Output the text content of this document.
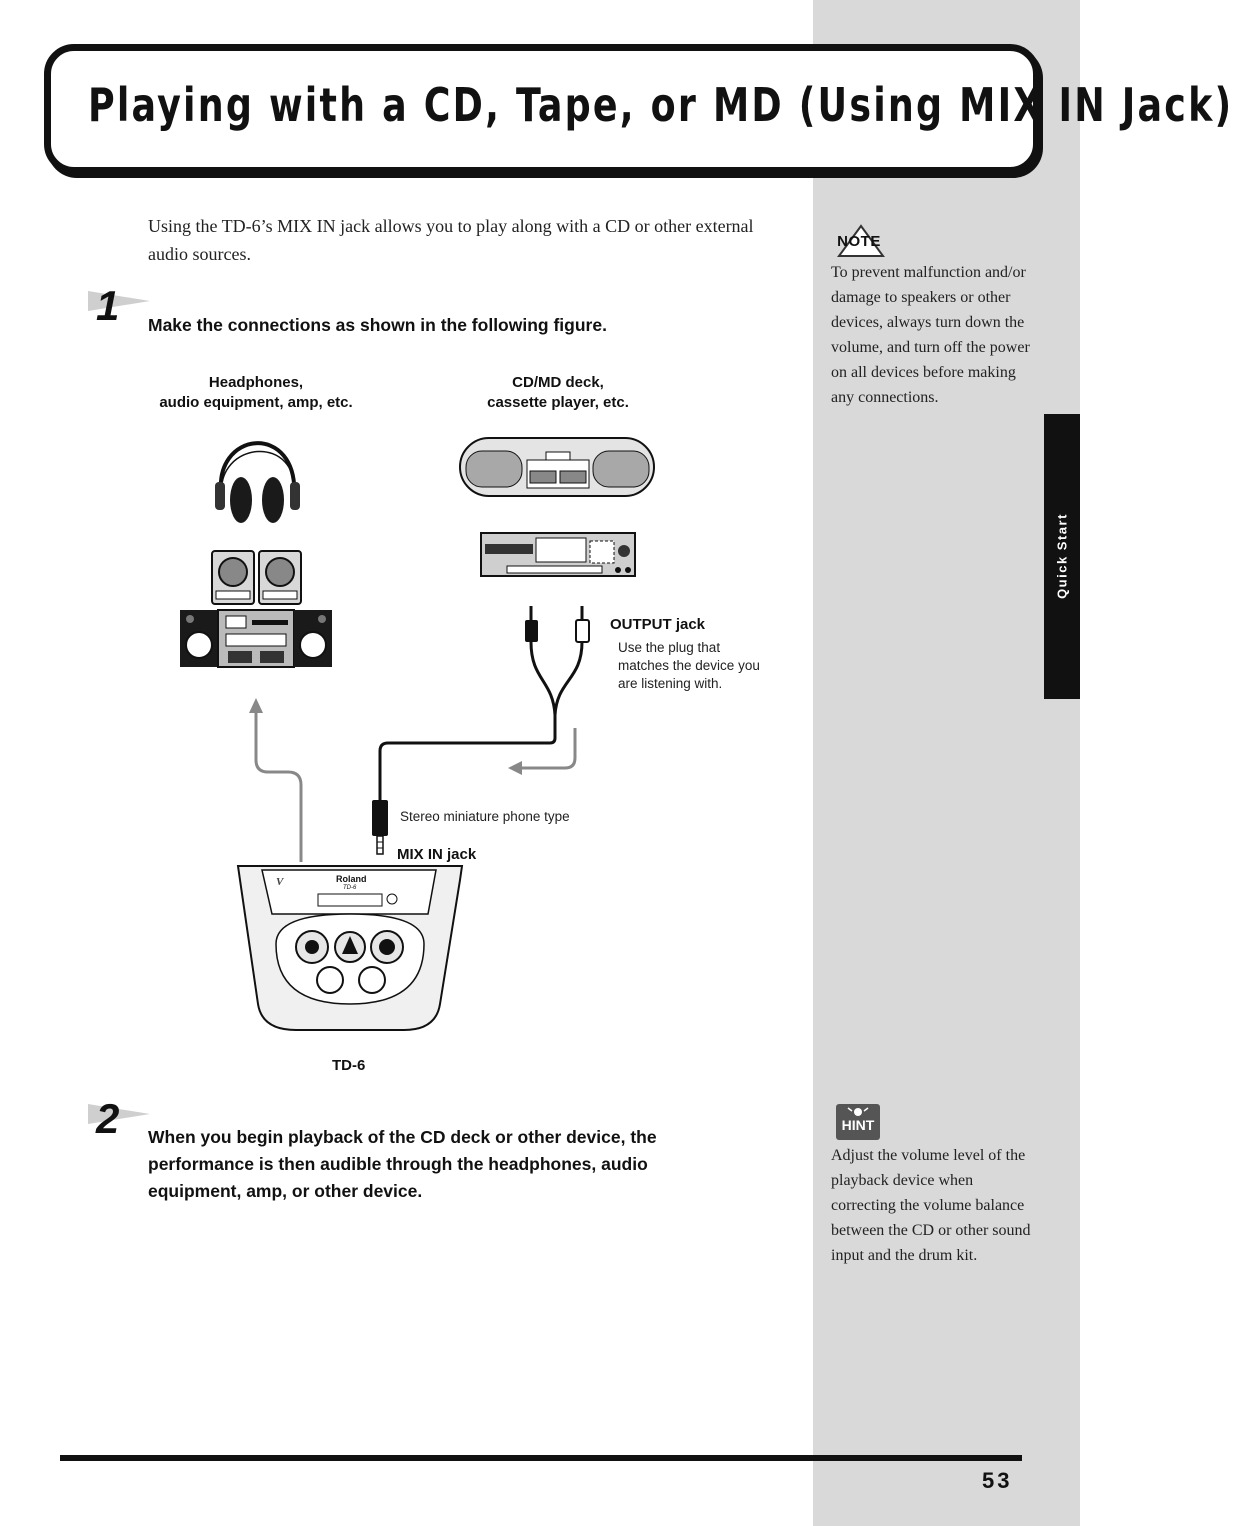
Playing with a CD, Tape, or MD (Using MIX IN Jack)
Using the TD-6’s MIX IN jack allows you to play along with a CD or other external audio sources.
1 Make the connections as shown in the following figure.
Headphones,
audio equipment, amp, etc.
CD/MD deck,
cassette player, etc.
Roland
TD-6
V
OUTPUT jack
Use the plug that matches the device you are listening with.
Stereo miniature phone type
MIX IN jack
TD-6
2 When you begin playback of the CD deck or other device, the performance is then audible through the headphones, audio equipment, amp, or other device.
NOTE
To prevent malfunction and/or damage to speakers or other devices, always turn down the volume, and turn off the power on all devices before making any connections.
Quick Start
HINT
Adjust the volume level of the playback device when correcting the volume balance between the CD or other sound input and the drum kit.
53
